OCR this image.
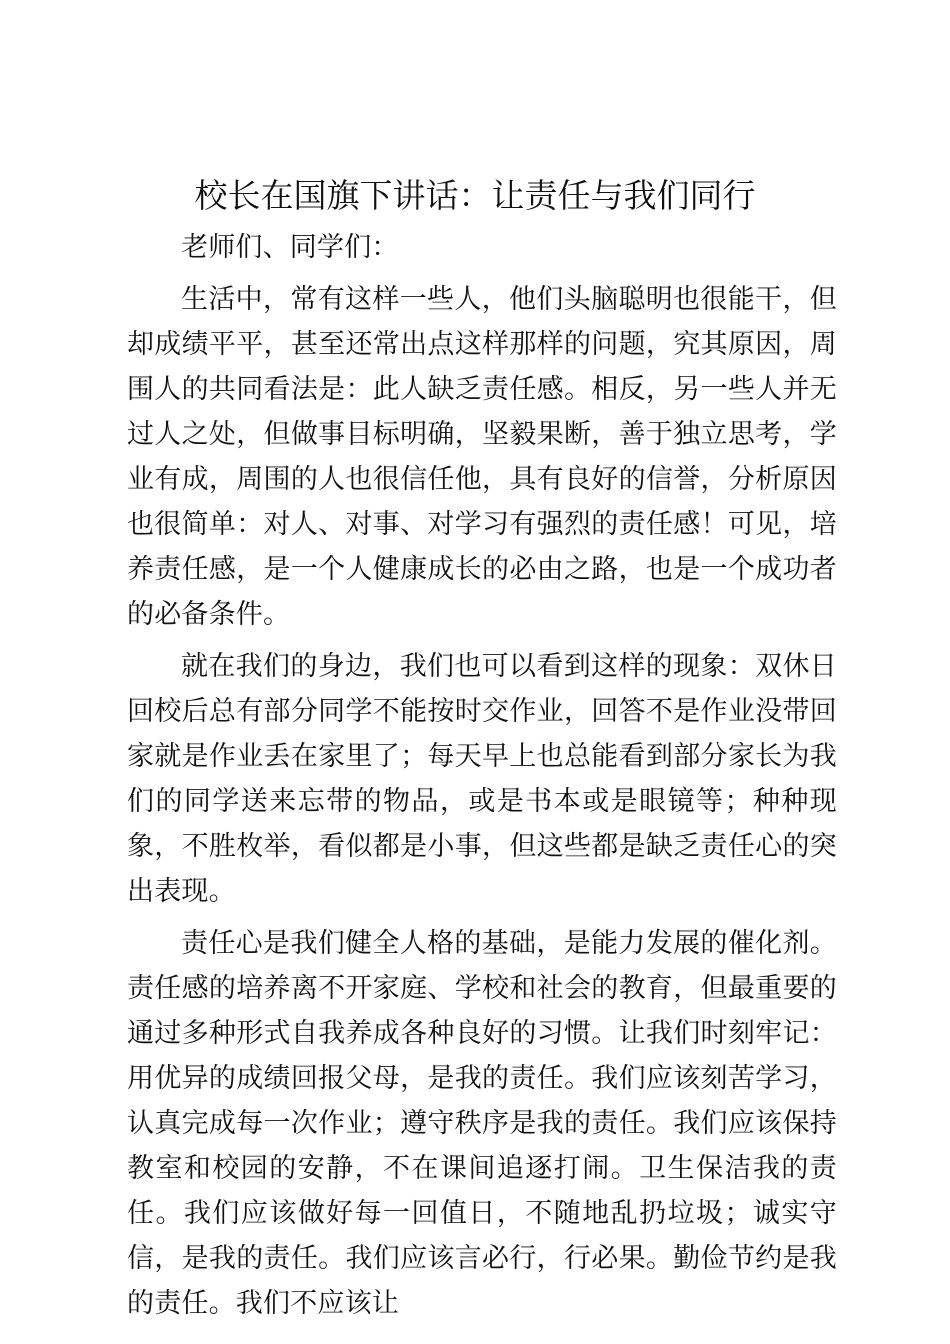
校长在国旗下讲话：让责任与我们同行

老师们、同学们：

生活中，常有这样一些人，他们头脑聪明也很能干，但却成绩平平，甚至还常出点这样那样的问题，究其原因，周围人的共同看法是：此人缺乏责任感。相反，另一些人并无过人之处，但做事目标明确，坚毅果断，善于独立思考，学业有成，周围的人也很信任他，具有良好的信誉，分析原因也很简单：对人、对事、对学习有强烈的责任感！可见，培养责任感，是一个人健康成长的必由之路，也是一个成功者的必备条件。

就在我们的身边，我们也可以看到这样的现象：双休日回校后总有部分同学不能按时交作业，回答不是作业没带回家就是作业丢在家里了；每天早上也总能看到部分家长为我们的同学送来忘带的物品，或是书本或是眼镜等；种种现象，不胜枚举，看似都是小事，但这些都是缺乏责任心的突出表现。

责任心是我们健全人格的基础，是能力发展的催化剂。责任感的培养离不开家庭、学校和社会的教育，但最重要的通过多种形式自我养成各种良好的习惯。让我们时刻牢记：用优异的成绩回报父母，是我的责任。我们应该刻苦学习，认真完成每一次作业；遵守秩序是我的责任。我们应该保持教室和校园的安静，不在课间追逐打闹。卫生保洁我的责任。我们应该做好每一回值日，不随地乱扔垃圾；诚实守信，是我的责任。我们应该言必行，行必果。勤俭节约是我的责任。我们不应该让
